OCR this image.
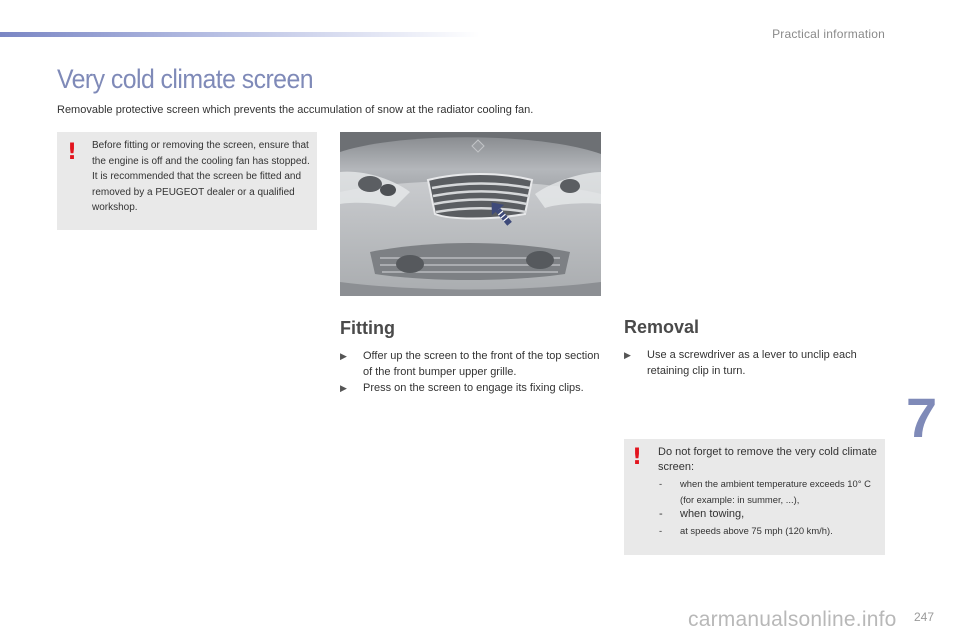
Practical information
Very cold climate screen

Removable protective screen which prevents the accumulation of snow at the radiator cooling fan.

! Before fitting or removing the screen, ensure that the engine is off and the cooling fan has stopped. It is recommended that the screen be fitted and removed by a PEUGEOT dealer or a qualified workshop.

Fitting
▶ Offer up the screen to the front of the top section of the front bumper upper grille.
▶ Press on the screen to engage its fixing clips.
Removal
▶ Use a screwdriver as a lever to unclip each retaining clip in turn.
! Do not forget to remove the very cold climate screen:

- when the ambient temperature exceeds 10° C (for example: in summer, ...),
- when towing,
- at speeds above 75 mph (120 km/h).
7
247
carmanualsonline.info
